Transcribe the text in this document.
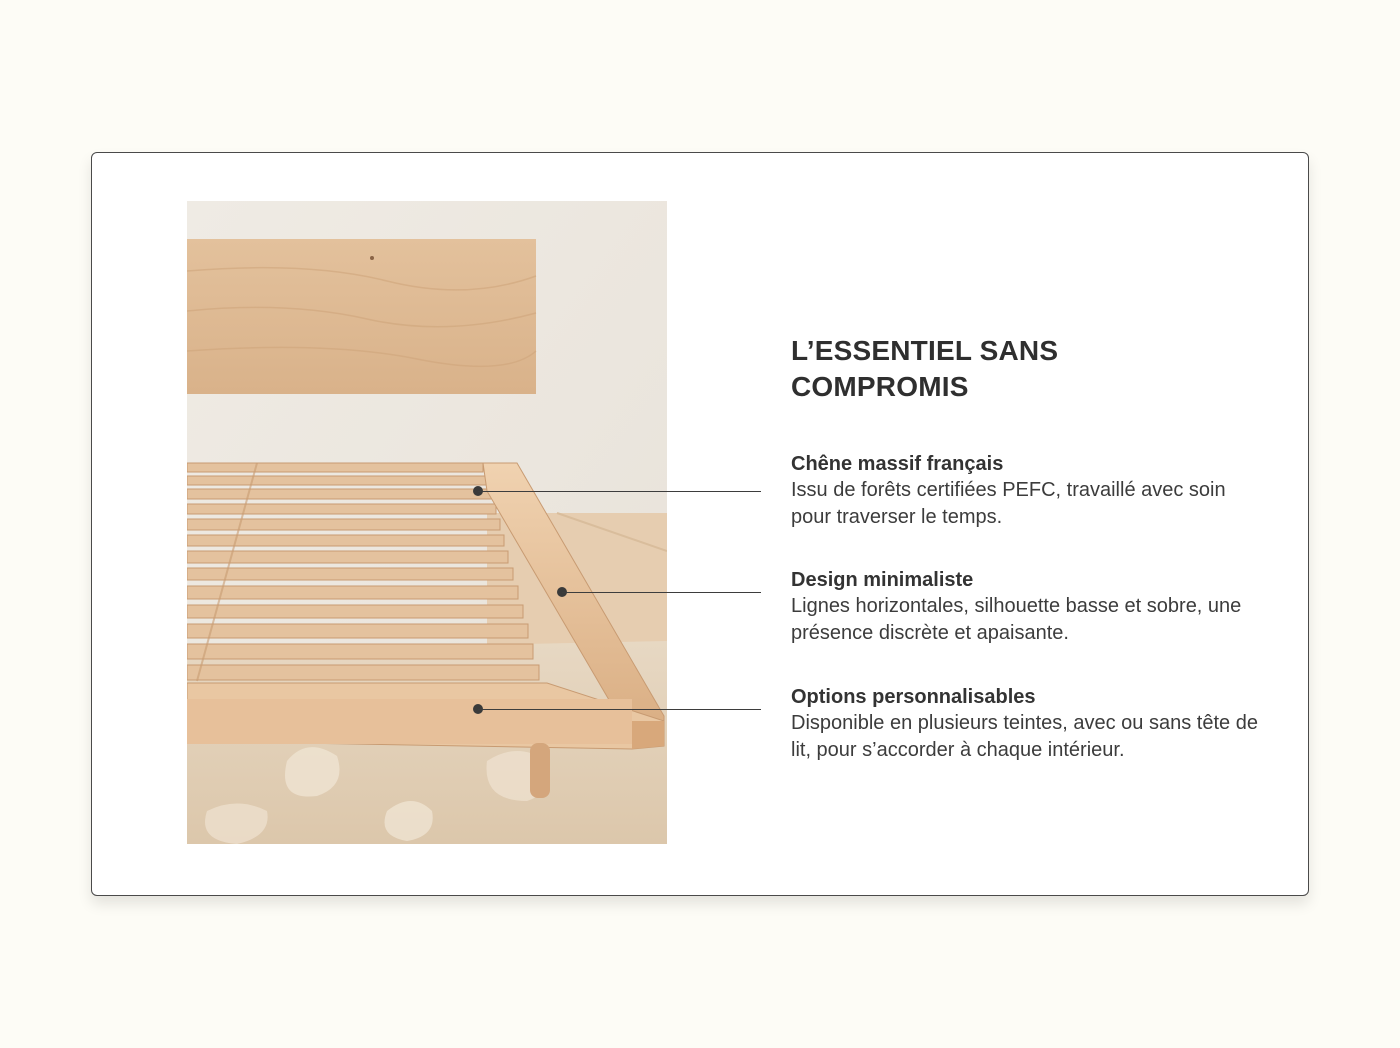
L’ESSENTIEL SANS COMPROMIS
Chêne massif français
Issu de forêts certifiées PEFC, travaillé avec soin pour traverser le temps.
Design minimaliste
Lignes horizontales, silhouette basse et sobre, une présence discrète et apaisante.
Options personnalisables
Disponible en plusieurs teintes, avec ou sans tête de lit, pour s’accorder à chaque intérieur.
